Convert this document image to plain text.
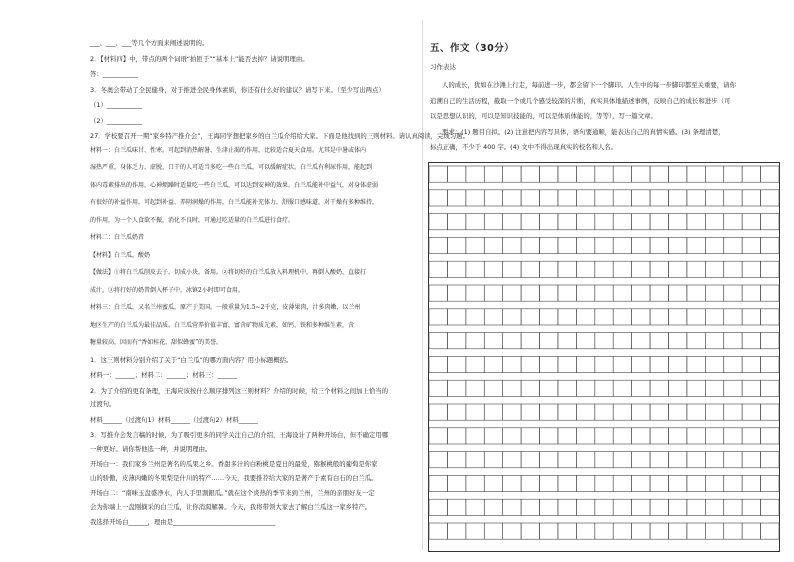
___、___、___等几个方面来阐述说明的。

2．【材料四】中，带点的两个词语“拍匝于”“基本上”能否去掉？请说明理由。

答：___________

3．冬奥会带动了全民健身，对于推进全民身体素质，你还有什么好的建议？请写下来。（至少写出两点）

（1）___________

（2）___________

27．学校要召开一期“家乡特产推介会”，王海同学想把家乡的白兰瓜介绍给大家。下面是他找到的三则材料。请认真阅读，完成习题。

材料一：白兰瓜味甘、性寒。可起到消热解暑、生津止渴的作用，比较适合夏天食用。尤其是中暑或体内

湿热严重，身体乏力、虚脱、口干的人可适当多吃一些白兰瓜，可以缓解症状。白兰瓜有利尿作用，能起到

体内毒素排出的作用，心神烦躁时适量吃一些白兰瓜，可以达到安神的效果。白兰瓜能补中益气，对身体虚弱

有很好的补益作用。可起到补益、养阴润燥的作用，白兰瓜能补充体力，舒服口感味道，对干燥有多种维持，

的作用，为一个人食欲不振，消化不良时，可通过吃适量的白兰瓜进行食疗。

材料二：白兰瓜奶昔

【材料】白兰瓜，酸奶

【做法】①将白兰瓜削皮去子，切成小块，备用。②将切好的白兰瓜放入料理机中，再倒入酸奶，直接打

成汁。③将打好的奶昔倒入杯子中，冰镇2小时即可食用。

材料三：白兰瓜，又名兰州蜜瓜，原产于美国。一般重量为1.5~2千克，皮薄果肉，汁多肉嫩，以兰州

地区生产的白兰瓜为最佳品质。白兰瓜营养价值丰富，富含矿物质元素，如钙、铁和多种维生素，含

糖量较高，因而有“香如桂花，甜似蜂蜜”的美誉。

1．这三则材料分别介绍了关于“白兰瓜”的哪方面内容？用小标题概括。

材料一：______；材料二：______；材料三：______

2．为了介绍的更有条理，王海应该按什么顺序排列这三则材料？介绍的时候，给三个材料之间加上恰当的

过渡句。

材料______（过渡句1）材料______（过渡句2）材料______

3．写推介会发言稿的时候，为了吸引更多的同学关注自己的介绍，王海设计了两种开场白，但不确定用哪

一种更好。请你帮他选一种，并说明理由。

开场白一：我们家乡兰州是著名的瓜果之乡。香甜多汁的白粉桃是夏日的最爱，猕猴桃般的葡萄是你家

山的骄傲，皮薄肉嫩的冬果梨是什川的特产……今天，我要推荐给大家的是著产于素有白石的白兰瓜。

开场白二：“南味玉盘盛净水，内人手里割銀瓜。”就在这个炎热的季节来到兰州，兰州的亲朋好友一定

会为你端上一盘刚摘采的白兰瓜，让你消渴解暑。今天，我将带领大家去了解白兰瓜这一家乡特产。

我选择开场白______，理由是________________________________

五、作文（30分）
习作表达

人的成长，犹如在沙滩上行走，每前进一步，都会留下一个脚印。人生中的每一步脚印都至关重要，请你

追溯自己的生活历程，截取一个或几个感受较深的片断，真实具体地描述事例，反映自己的成长和进步（可

以是思想认识的，可以是知识技能的，可以是体质体能的，等等），写一篇文章。

要求：(1) 题目自拟。(2) 注意把内容写具体，语句要通顺，能表达自己的真情实感。(3) 条理清楚，

标点正确，不少于 400 字。(4) 文中不得出现真实的校名和人名。
